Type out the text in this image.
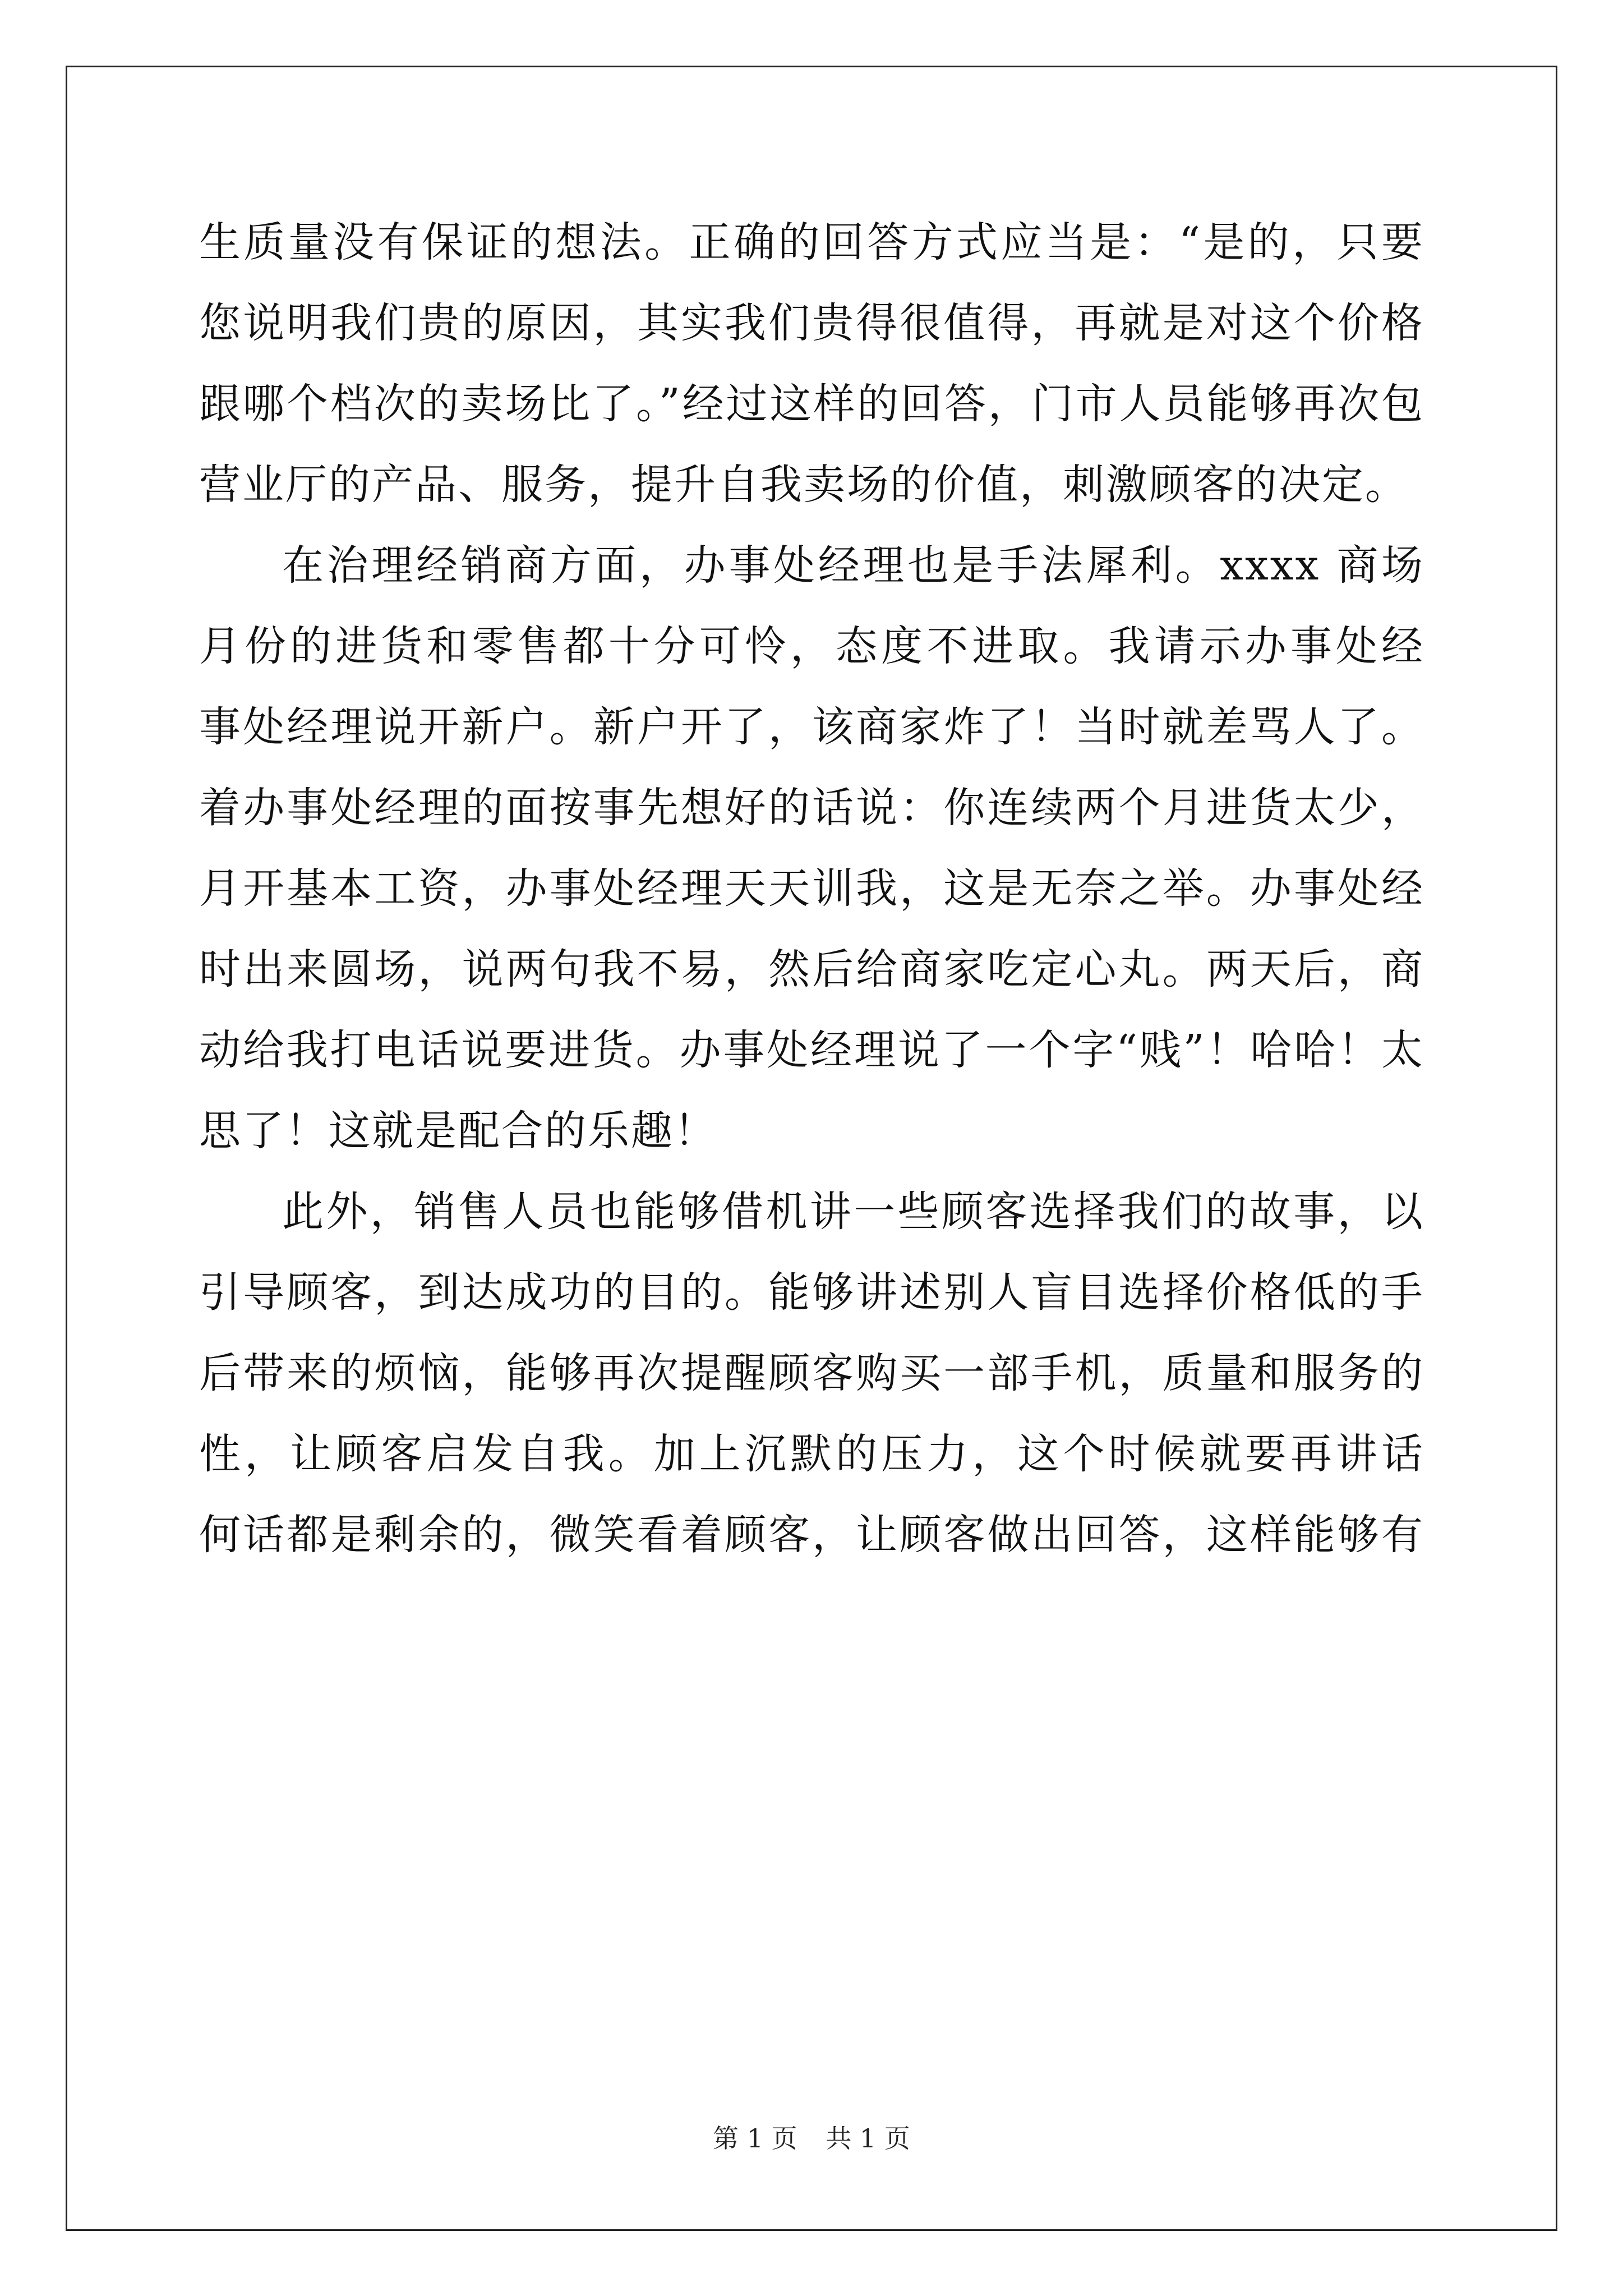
生质量没有保证的想法。正确的回答方式应当是：“是的，只要
您说明我们贵的原因，其实我们贵得很值得，再就是对这个价格
跟哪个档次的卖场比了。”经过这样的回答，门市人员能够再次包
营业厅的产品、服务，提升自我卖场的价值，刺激顾客的决定。
在治理经销商方面，办事处经理也是手法犀利。xxxx 商场
月份的进货和零售都十分可怜，态度不进取。我请示办事处经
事处经理说开新户。新户开了，该商家炸了！当时就差骂人了。
着办事处经理的面按事先想好的话说：你连续两个月进货太少，
月开基本工资，办事处经理天天训我，这是无奈之举。办事处经
时出来圆场，说两句我不易，然后给商家吃定心丸。两天后，商
动给我打电话说要进货。办事处经理说了一个字“贱”！哈哈！太
思了！这就是配合的乐趣！
此外，销售人员也能够借机讲一些顾客选择我们的故事，以
引导顾客，到达成功的目的。能够讲述别人盲目选择价格低的手
后带来的烦恼，能够再次提醒顾客购买一部手机，质量和服务的
性，让顾客启发自我。加上沉默的压力，这个时候就要再讲话
何话都是剩余的，微笑看着顾客，让顾客做出回答，这样能够有
第 1 页 共 1 页
